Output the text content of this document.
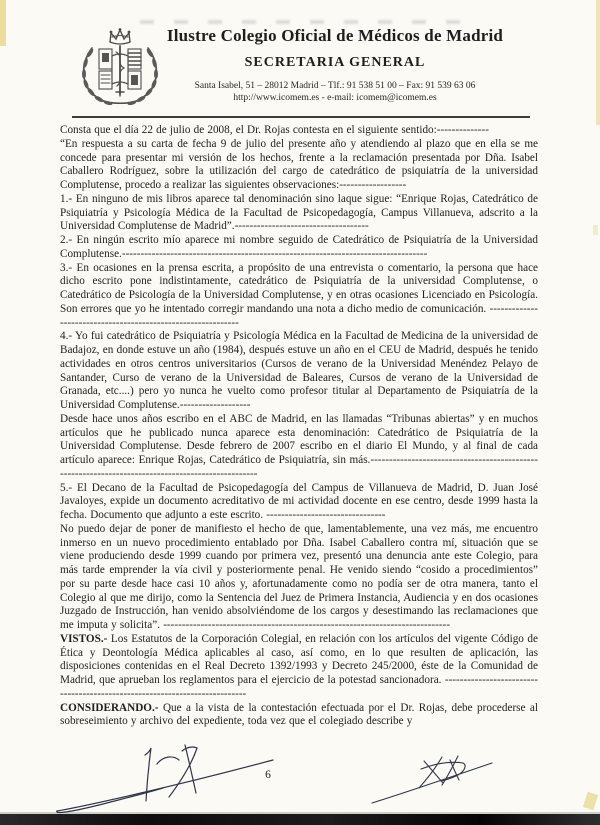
Ilustre Colegio Oficial de Médicos de Madrid
SECRETARIA GENERAL
Santa Isabel, 51 – 28012 Madrid – Tlf.: 91 538 51 00 – Fax: 91 539 63 06
http://www.icomem.es - e-mail: icomem@icomem.es

Consta que el día 22 de julio de 2008, el Dr. Rojas contesta en el siguiente sentido:--------------

“En respuesta a su carta de fecha 9 de julio del presente año y atendiendo al plazo que en ella se me concede para presentar mi versión de los hechos, frente a la reclamación presentada por Dña. Isabel Caballero Rodríguez, sobre la utilización del cargo de catedrático de psiquiatría de la universidad Complutense, procedo a realizar las siguientes observaciones:------------------

1.- En ninguno de mis libros aparece tal denominación sino laque sigue: “Enrique Rojas, Catedrático de Psiquiatría y Psicología Médica de la Facultad de Psicopedagogía, Campus Villanueva, adscrito a la Universidad Complutense de Madrid”.------------------------------------

2.- En ningún escrito mío aparece mi nombre seguido de Catedrático de Psiquiatría de la Universidad Complutense.----------------------------------------------------------------------------------

3.- En ocasiones en la prensa escrita, a propósito de una entrevista o comentario, la persona que hace dicho escrito pone indistintamente, catedrático de Psiquiatría de la universidad Complutense, o Catedrático de Psicología de la Universidad Complutense, y en otras ocasiones Licenciado en Psicología. Son errores que yo he intentado corregir mandando una nota a dicho medio de comunicación. -------------------------------------------------------------

4.- Yo fui catedrático de Psiquiatría y Psicología Médica en la Facultad de Medicina de la universidad de Badajoz, en donde estuve un año (1984), después estuve un año en el CEU de Madrid, después he tenido actividades en otros centros universitarios (Cursos de verano de la Universidad Menéndez Pelayo de Santander, Curso de verano de la Universidad de Baleares, Cursos de verano de la Universidad de Granada, etc....) pero yo nunca he vuelto como profesor titular al Departamento de Psiquiatría de la Universidad Complutense.-------------------

Desde hace unos años escribo en el ABC de Madrid, en las llamadas “Tribunas abiertas” y en muchos artículos que he publicado nunca aparece esta denominación: Catedrático de Psiquiatría de la Universidad Complutense. Desde febrero de 2007 escribo en el diario El Mundo, y al final de cada artículo aparece: Enrique Rojas, Catedrático de Psiquiatría, sin más.--------------------------------------------------------------------------------------------------

5.- El Decano de la Facultad de Psicopedagogía del Campus de Villanueva de Madrid, D. Juan José Javaloyes, expide un documento acreditativo de mi actividad docente en ese centro, desde 1999 hasta la fecha. Documento que adjunto a este escrito. --------------------------------

No puedo dejar de poner de manifiesto el hecho de que, lamentablemente, una vez más, me encuentro inmerso en un nuevo procedimiento entablado por Dña. Isabel Caballero contra mí, situación que se viene produciendo desde 1999 cuando por primera vez, presentó una denuncia ante este Colegio, para más tarde emprender la vía civil y posteriormente penal. He venido siendo “cosido a procedimientos” por su parte desde hace casi 10 años y, afortunadamente como no podía ser de otra manera, tanto el Colegio al que me dirijo, como la Sentencia del Juez de Primera Instancia, Audiencia y en dos ocasiones Juzgado de Instrucción, han venido absolviéndome de los cargos y desestimando las reclamaciones que me imputa y solicita”. -----------------------------------------------------------------------------

VISTOS.- Los Estatutos de la Corporación Colegial, en relación con los artículos del vigente Código de Ética y Deontología Médica aplicables al caso, así como, en lo que resulten de aplicación, las disposiciones contenidas en el Real Decreto 1392/1993 y Decreto 245/2000, éste de la Comunidad de Madrid, que aprueban los reglamentos para el ejercicio de la potestad sancionadora. ---------------------------------------------------------------------------

CONSIDERANDO.- Que a la vista de la contestación efectuada por el Dr. Rojas, debe procederse al sobreseimiento y archivo del expediente, toda vez que el colegiado describe y

6
